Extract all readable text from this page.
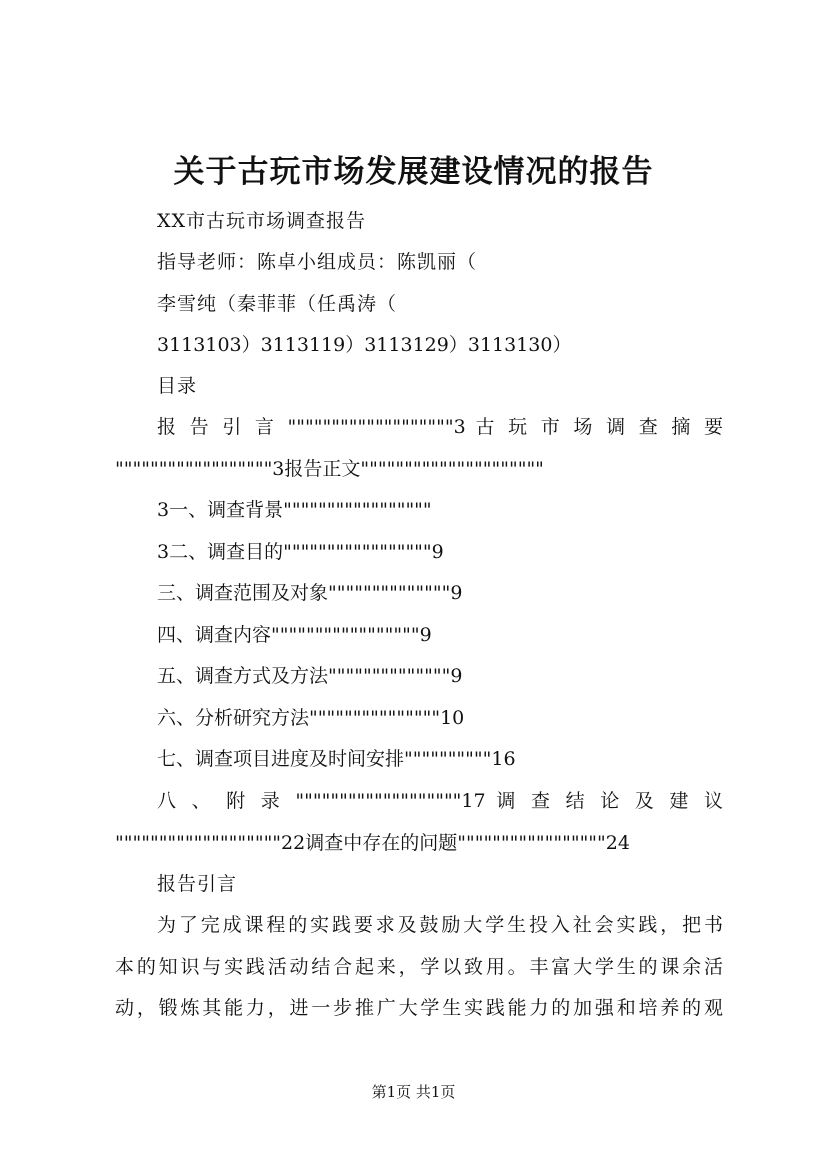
关于古玩市场发展建设情况的报告
XX市古玩市场调查报告
指导老师：陈卓小组成员：陈凯丽（
李雪纯（秦菲菲（任禹涛（
3113103）3113119）3113129）3113130）
目录
报 告 引 言 """""""""""""""""""3 古 玩 市 场 调 查 摘 要
""""""""""""""""""3报告正文"""""""""""""""""""""
3一、调查背景"""""""""""""""""
3二、调查目的"""""""""""""""""9
三、调查范围及对象""""""""""""""9
四、调查内容"""""""""""""""""9
五、调查方式及方法""""""""""""""9
六、分析研究方法"""""""""""""""10
七、调查项目进度及时间安排""""""""""16
八 、 附 录 """""""""""""""""""17 调 查 结 论 及 建 议
"""""""""""""""""""22调查中存在的问题"""""""""""""""""24
报告引言
为了完成课程的实践要求及鼓励大学生投入社会实践，把书
本的知识与实践活动结合起来，学以致用。丰富大学生的课余活
动，锻炼其能力，进一步推广大学生实践能力的加强和培养的观
第1页 共1页
